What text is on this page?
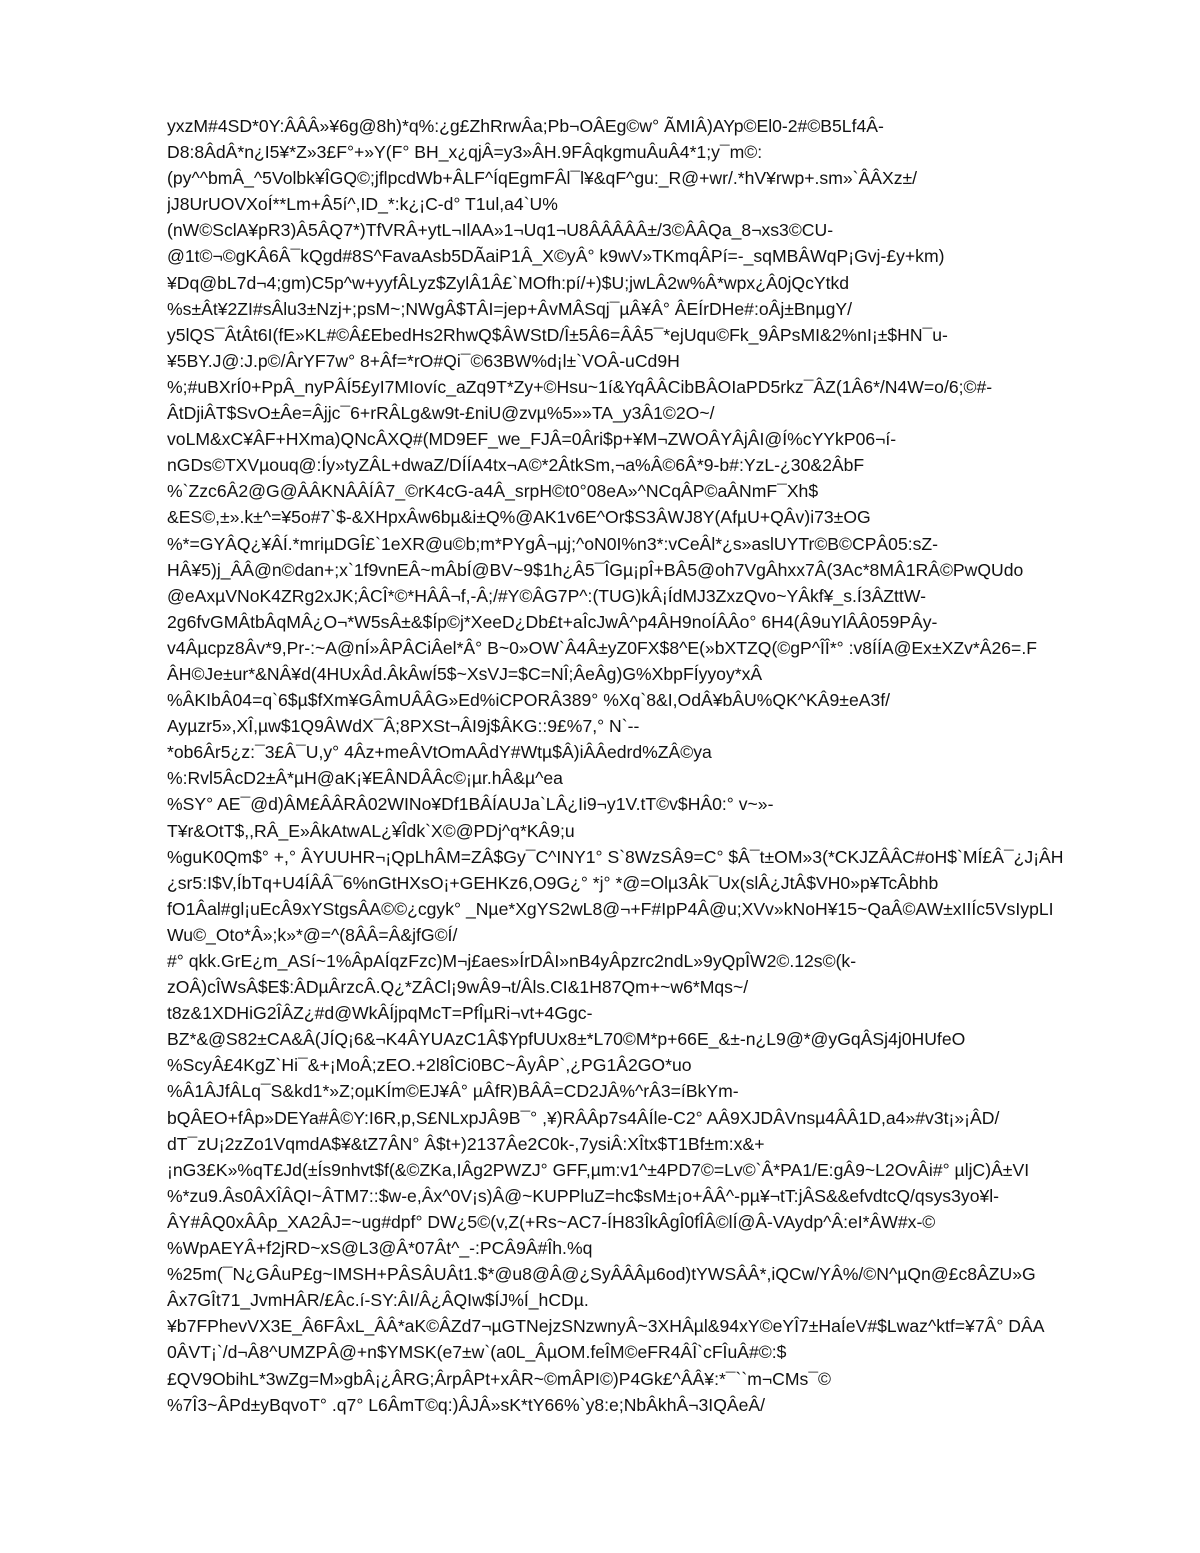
yxzM#4SD*0Y:ÂÂÂ»¥6g@8h)*q%:¿g£ZhRrwÂa;Pb¬OÂEg©w° ÃMIÂ)AYp©El0-2#©B5Lf4Â-
D8:8ÂdÂ*n¿I5¥*Z»3£F°+»Y(F° BH_x¿qjÂ=y3»ÂH.9FÂqkgmuÂuÂ4*1;y¯m©:
(py^^bmÂ_^5Volbk¥ÎGQ©;jflpcdWb+ÂLF^ÍqEgmFÂl¯l¥&qF^gu:_R@+wr/.*hV¥rwp+.sm»`ÂÂXz±/
jJ8UrUOVXoÍ**Lm+Â5í^,ID_*:k¿¡C-d° T1ul,a4`U%
(nW©SclA¥pR3)Â5ÂQ7*)TfVRÂ+ytL¬IlAA»1¬Uq1¬U8ÂÂÂÂÂ±/3©ÂÂQa_8¬xs3©CU-
@1t©¬©gKÂ6Â¯kQgd#8S^FavaAsb5DÃaiP1Â_X©yÂ° k9wV»TKmqÂPí=-_sqMBÂWqP¡Gvj-£y+km)
¥Dq@bL7d¬4;gm)C5p^w+yyfÂLyz$ZylÂ1Â£`MOfh:pí/+)$U;jwLÂ2w%Â*wpx¿Â0jQcYtkd
%s±Ât¥2ZI#sÂlu3±Nzj+;psM~;NWgÂ$TÂI=jep+ÂvMÂSqj¯µÂ¥Â° ÂEÍrDHe#:oÂj±BnµgY/
y5lQS¯ÂtÂt6I(fE»KL#©Â£EbedHs2RhwQ$ÂWStD/Î±5Â6=ÂÂ5¯*ejUqu©Fk_9ÂPsMI&2%nI¡±$HN¯u-
¥5BY.J@:J.p©/ÂrYF7w° 8+Âf=*rO#Qi¯©63BW%d¡l±`VOÂ-uCd9H
%;#uBXrÍ0+PpÂ_nyPÂÍ5£yI7MIovíc_aZq9T*Zy+©Hsu~1í&YqÂÂCibBÂOIaPD5rkz¯ÂZ(1Â6*/N4W=o/6;©#-
ÂtDjiÂT$SvO±Âe=Âjjc¯6+rRÂLg&w9t-£niU@zvµ%5»»TA_y3Â1©2O~/
voLM&xC¥ÂF+HXma)QNcÂXQ#(MD9EF_we_FJÂ=0Âri$p+¥M¬ZWOÂYÂjÂI@Í%cYYkP06¬í-
nGDs©TXVµouq@:Íy»tyZÂL+dwaZ/DÍÍA4tx¬A©*2ÂtkSm,¬a%Â©6Â*9-b#:YzL-¿30&2ÂbF
%`Zzc6Â2@G@ÂÂKNÂÂÍÂ7_©rK4cG-a4Â_srpH©t0°08eA»^NCqÂP©aÂNmF¯Xh$
&ES©,±».k±^=¥5o#7`$-&XHpxÂw6bµ&i±Q%@AK1v6E^Or$S3ÂWJ8Y(AfµU+QÂv)i73±OG
%*=GYÂQ¿¥ÂÍ.*mriµDGÎ£`1eXR@u©b;m*PYgÂ¬µj;^oN0I%n3*:vCeÂl*¿s»aslUYTr©B©CPÂ05:sZ-
HÂ¥5)j_ÂÂ@n©dan+;x`1f9vnEÂ~mÂbÍ@BV~9$1h¿Â5¯ÎGµ¡pÎ+BÂ5@oh7VgÂhxx7Â(3Ac*8MÂ1RÂ©PwQUdo
@eAxµVNoK4ZRg2xJK;ÂCÎ*©*HÂÂ¬f,-Â;/#Y©ÂG7P^:(TUG)kÂ¡ÍdMJ3ZxzQvo~YÂkf¥_s.Í3ÂZttW-
2g6fvGMÂtbÂqMÂ¿O¬*W5sÂ±&$Íp©j*XeeD¿Db£t+aÎcJwÂ^p4ÂH9noÍÂÂo° 6H4(Â9uYlÂÂ059PÂy-
v4Âµcpz8Âv*9,Pr-:~A@nÍ»ÂPÂCiÂel*Â° B~0»OW`Â4Â±yZ0FX$8^E(»bXTZQ(©gP^ÎÎ*° :v8ÍÍA@Ex±XZv*Â26=.F
ÂH©Je±ur*&NÂ¥d(4HUxÂd.ÂkÂwÍ5$~XsVJ=$C=NÎ;ÂeÂg)G%XbpFÍyyoy*xÂ
%ÂKIbÂ04=q`6$µ$fXm¥GÂmUÂÂG»Ed%iCPORÂ389° %Xq`8&I,OdÂ¥bÂU%QK^KÂ9±eA3f/
Ayµzr5»,XÎ,µw$1Q9ÂWdX¯Â;8PXSt¬ÂI9j$ÂKG::9£%7,° N`--
*ob6Âr5¿z:¯3£Â¯U,y° 4Âz+meÂVtOmAÂdY#Wtµ$Â)iÂÂedrd%ZÂ©ya
%:Rvl5ÂcD2±Â*µH@aK¡¥EÂNDÂÂc©¡µr.hÂ&µ^ea
%SY° AE¯@d)ÂM£ÂÂRÂ02WINo¥Df1BÂÍAUJa`LÂ¿Ii9¬y1V.tT©v$HÂ0:° v~»-
T¥r&OtT$,,RÂ_E»ÂkAtwAL¿¥Îdk`X©@PDj^q*KÂ9;u
%guK0Qm$° +,° ÂYUUHR¬¡QpLhÂM=ZÂ$Gy¯C^INY1° S`8WzSÂ9=C° $Â¯t±OM»3(*CKJZÂÂC#oH$`MÍ£Â¯¿J¡ÂH
¿sr5:I$V,ÍbTq+U4ÍÂÂ¯6%nGtHXsO¡+GEHKz6,O9G¿° *j° *@=Olµ3Âk¯Ux(slÂ¿JtÂ$VH0»p¥TcÂbhb
fO1Âal#gl¡uEcÂ9xYStgsÂA©©¿cgyk° _Nµe*XgYS2wL8@¬+F#IpP4Â@u;XVv»kNoH¥15~QaÂ©AW±xIIÍc5VsIypLI
Wu©_Oto*Â»;k»*@=^(8ÂÂ=Â&jfG©Í/
#° qkk.GrE¿m_ASí~1%ÂpAÍqzFzc)M¬j£aes»ÍrDÂI»nB4yÂpzrc2ndL»9yQpÎW2©.12s©(k-
zOÂ)cÎWsÂ$E$:ÂDµÂrzcÂ.Q¿*ZÂCl¡9wÂ9¬t/Âls.CI&1H87Qm+~w6*Mqs~/
t8z&1XDHiG2ÎÂZ¿#d@WkÂÍjpqMcT=PfÎµRi¬vt+4Ggc-
BZ*&@S82±CA&Â(JÍQ¡6&¬K4ÂYUAzC1Â$YpfUUx8±*L70©M*p+66E_&±-n¿L9@*@yGqÂSj4j0HUfeO
%ScyÂ£4KgZ`Hi¯&+¡MoÂ;zEO.+2l8ÎCi0BC~ÂyÂP`,¿PG1Â2GO*uo
%Â1ÂJfÂLq¯S&kd1*»Z;oµKÍm©EJ¥Â° µÂfR)BÂÂ=CD2JÂ%^rÂ3=íBkYm-
bQÂEO+fÂp»DEYa#Â©Y:I6R,p,S£NLxpJÂ9B¯° ,¥)RÂÂp7s4ÂÍle-C2° AÂ9XJDÂVnsµ4ÂÂ1D,a4»#v3t¡»¡ÂD/
dT¯zU¡2zZo1VqmdA$¥&tZ7ÂN° Â$t+)2137Âe2C0k-,7ysiÂ:XÎtx$T1Bf±m:x&+
¡nG3£K»%qT£Jd(±Ís9nhvt$f(&©ZKa,IÂg2PWZJ° GFF,µm:v1^±4PD7©=Lv©`Â*PA1/E:gÂ9~L2OvÂi#° µljC)Â±VI
%*zu9.Âs0ÂXÎÂQI~ÂTM7::$w-e,Âx^0V¡s)Â@~KUPPluZ=hc$sM±¡o+ÂÂ^-pµ¥¬tT:jÂS&&efvdtcQ/qsys3yo¥l-
ÂY#ÂQ0xÂÂp_XA2ÂJ=~ug#dpf° DW¿5©(v,Z(+Rs~AC7-ÍH83ÎkÂgÎ0fÎÂ©lÍ@Â-VAydp^Â:eI*ÂW#x-©
%WpAEYÂ+f2jRD~xS@L3@Â*07Ât^_-:PCÂ9Â#Îh.%q
%25m(¯N¿GÂuP£g~IMSH+PÂSÂUÂt1.$*@u8@Â@¿SyÂÂÂµ6od)tYWSÂÂ*,iQCw/YÂ%/©N^µQn@£c8ÂZU»G
Âx7GÎt71_JvmHÂR/£Âc.í-SY:ÂI/Â¿ÂQIw$ÍJ%Í_hCDµ.
¥b7FPhevVX3E_Â6FÂxL_ÂÂ*aK©ÂZd7¬µGTNejzSNzwnyÂ~3XHÂµl&94xY©eYÎ7±HaÍeV#$Lwaz^ktf=¥7Â° DÂA
0ÂVT¡`/d¬Â8^UMZPÂ@+n$YMSK(e7±w`(a0L_ÂµOM.feÎM©eFR4ÂÎ`cFÎuÂ#©:$
£QV9ObihL*3wZg=M»gbÂ¡¿ÂRG;ÂrpÂPt+xÂR~©mÂPI©)P4Gk£^ÂÂ¥:*¯``m¬CMs¯©
%7Î3~ÂPd±yBqvoT° .q7° L6ÂmT©q:)ÂJÂ»sK*tY66%`y8:e;NbÂkhÂ¬3IQÂeÂ/
